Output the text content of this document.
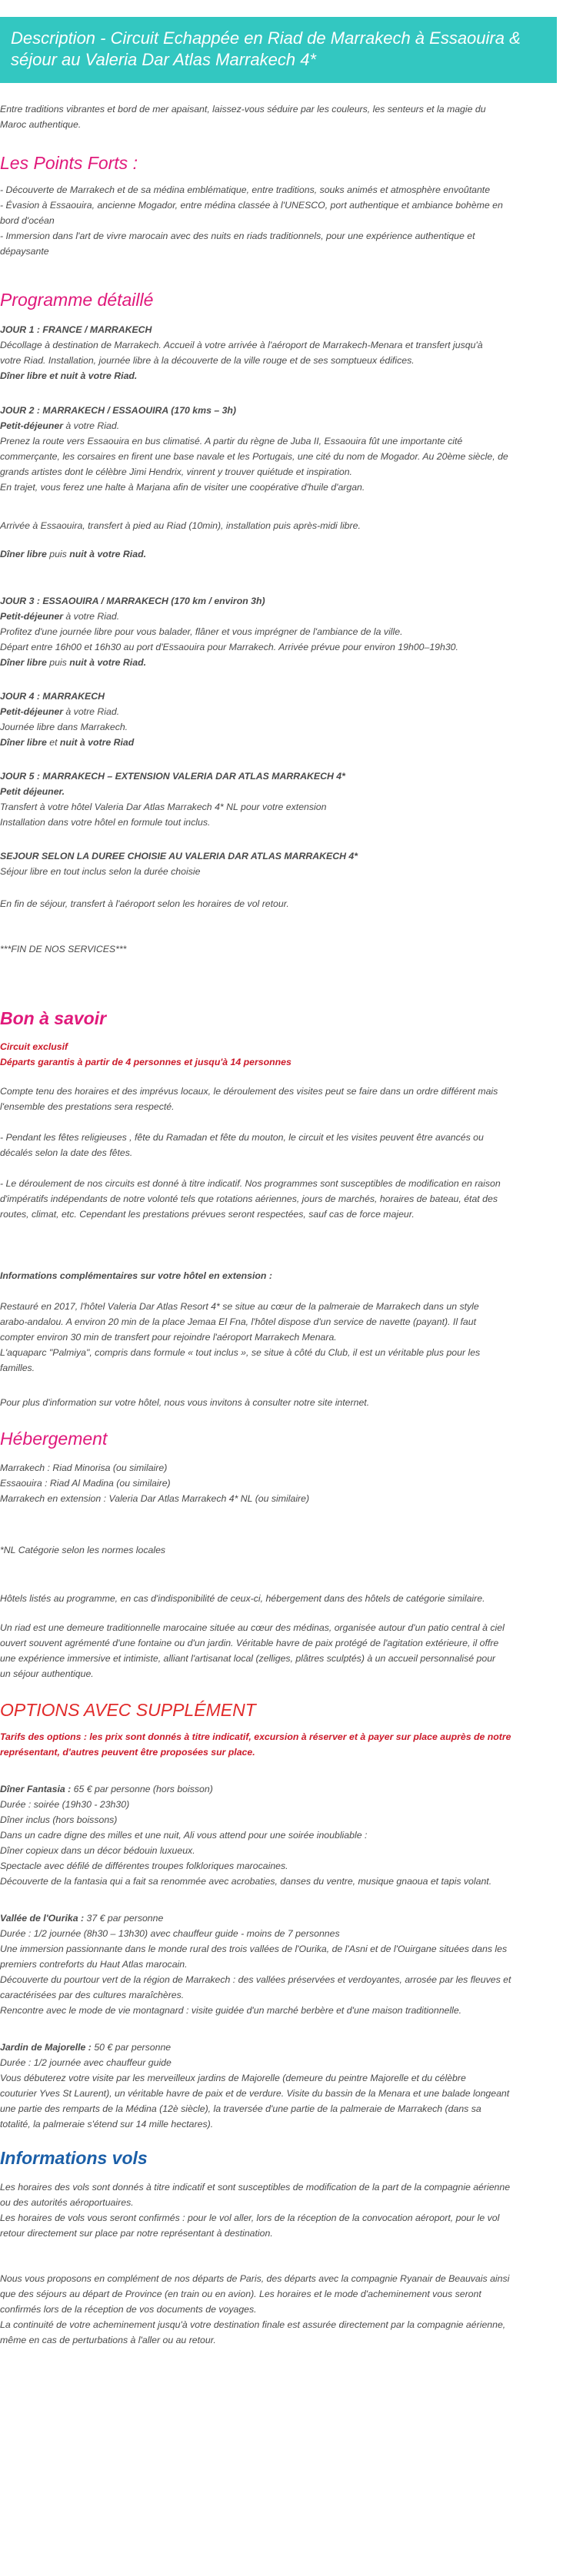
Description - Circuit Echappée en Riad de Marrakech à Essaouira &
séjour au Valeria Dar Atlas Marrakech 4*
Entre traditions vibrantes et bord de mer apaisant, laissez-vous séduire par les couleurs, les senteurs et la magie du
Maroc authentique.
Les Points Forts :
- Découverte de Marrakech et de sa médina emblématique, entre traditions, souks animés et atmosphère envoûtante
- Évasion à Essaouira, ancienne Mogador, entre médina classée à l'UNESCO, port authentique et ambiance bohème en
bord d'océan
- Immersion dans l'art de vivre marocain avec des nuits en riads traditionnels, pour une expérience authentique et
dépaysante
Programme détaillé
JOUR 1 : FRANCE / MARRAKECH
Décollage à destination de Marrakech. Accueil à votre arrivée à l'aéroport de Marrakech-Menara et transfert jusqu'à
votre Riad. Installation, journée libre à la découverte de la ville rouge et de ses somptueux édifices.
Dîner libre et nuit à votre Riad.
JOUR 2 : MARRAKECH / ESSAOUIRA (170 kms – 3h)
Petit-déjeuner à votre Riad.
Prenez la route vers Essaouira en bus climatisé. A partir du règne de Juba II, Essaouira fût une importante cité
commerçante, les corsaires en firent une base navale et les Portugais, une cité du nom de Mogador. Au 20ème siècle, de
grands artistes dont le célèbre Jimi Hendrix, vinrent y trouver quiétude et inspiration.
En trajet, vous ferez une halte à Marjana afin de visiter une coopérative d'huile d'argan.
Arrivée à Essaouira, transfert à pied au Riad (10min), installation puis après-midi libre.
Dîner libre puis nuit à votre Riad.
JOUR 3 : ESSAOUIRA / MARRAKECH (170 km / environ 3h)
Petit-déjeuner à votre Riad.
Profitez d'une journée libre pour vous balader, flâner et vous imprégner de l'ambiance de la ville.
Départ entre 16h00 et 16h30 au port d'Essaouira pour Marrakech. Arrivée prévue pour environ 19h00–19h30.
Dîner libre puis nuit à votre Riad.
JOUR 4 : MARRAKECH
Petit-déjeuner à votre Riad.
Journée libre dans Marrakech.
Dîner libre et nuit à votre Riad
JOUR 5 : MARRAKECH – EXTENSION VALERIA DAR ATLAS MARRAKECH 4*
Petit déjeuner.
Transfert à votre hôtel Valeria Dar Atlas Marrakech 4* NL pour votre extension
Installation dans votre hôtel en formule tout inclus.
SEJOUR SELON LA DUREE CHOISIE AU VALERIA DAR ATLAS MARRAKECH 4*
Séjour libre en tout inclus selon la durée choisie
En fin de séjour, transfert à l'aéroport selon les horaires de vol retour.
***FIN DE NOS SERVICES***
Bon à savoir
Circuit exclusif
Départs garantis à partir de 4 personnes et jusqu'à 14 personnes
Compte tenu des horaires et des imprévus locaux, le déroulement des visites peut se faire dans un ordre différent mais
l'ensemble des prestations sera respecté.
- Pendant les fêtes religieuses , fête du Ramadan et fête du mouton, le circuit et les visites peuvent être avancés ou
décalés selon la date des fêtes.
- Le déroulement de nos circuits est donné à titre indicatif. Nos programmes sont susceptibles de modification en raison
d'impératifs indépendants de notre volonté tels que rotations aériennes, jours de marchés, horaires de bateau, état des
routes, climat, etc. Cependant les prestations prévues seront respectées, sauf cas de force majeur.
Informations complémentaires sur votre hôtel en extension :
Restauré en 2017, l'hôtel Valeria Dar Atlas Resort 4* se situe au cœur de la palmeraie de Marrakech dans un style
arabo-andalou. A environ 20 min de la place Jemaa El Fna, l'hôtel dispose d'un service de navette (payant). Il faut
compter environ 30 min de transfert pour rejoindre l'aéroport Marrakech Menara.
L'aquaparc "Palmiya", compris dans formule « tout inclus », se situe à côté du Club, il est un véritable plus pour les
familles.
Pour plus d'information sur votre hôtel, nous vous invitons à consulter notre site internet.
Hébergement
Marrakech : Riad Minorisa (ou similaire)
Essaouira : Riad Al Madina (ou similaire)
Marrakech en extension : Valeria Dar Atlas Marrakech 4* NL (ou similaire)
*NL Catégorie selon les normes locales
Hôtels listés au programme, en cas d'indisponibilité de ceux-ci, hébergement dans des hôtels de catégorie similaire.
Un riad est une demeure traditionnelle marocaine située au cœur des médinas, organisée autour d'un patio central à ciel
ouvert souvent agrémenté d'une fontaine ou d'un jardin. Véritable havre de paix protégé de l'agitation extérieure, il offre
une expérience immersive et intimiste, alliant l'artisanat local (zelliges, plâtres sculptés) à un accueil personnalisé pour
un séjour authentique.
OPTIONS AVEC SUPPLÉMENT
Tarifs des options : les prix sont donnés à titre indicatif, excursion à réserver et à payer sur place auprès de notre
représentant, d'autres peuvent être proposées sur place.
Dîner Fantasia : 65 € par personne (hors boisson)
Durée : soirée (19h30 - 23h30)
Dîner inclus (hors boissons)
Dans un cadre digne des milles et une nuit, Ali vous attend pour une soirée inoubliable :
Dîner copieux dans un décor bédouin luxueux.
Spectacle avec défilé de différentes troupes folkloriques marocaines.
Découverte de la fantasia qui a fait sa renommée avec acrobaties, danses du ventre, musique gnaoua et tapis volant.
Vallée de l'Ourika : 37 € par personne
Durée : 1/2 journée (8h30 – 13h30) avec chauffeur guide - moins de 7 personnes
Une immersion passionnante dans le monde rural des trois vallées de l'Ourika, de l'Asni et de l'Ouirgane situées dans les
premiers contreforts du Haut Atlas marocain.
Découverte du pourtour vert de la région de Marrakech : des vallées préservées et verdoyantes, arrosée par les fleuves et
caractérisées par des cultures maraîchères.
Rencontre avec le mode de vie montagnard : visite guidée d'un marché berbère et d'une maison traditionnelle.
Jardin de Majorelle : 50 € par personne
Durée : 1/2 journée avec chauffeur guide
Vous débuterez votre visite par les merveilleux jardins de Majorelle (demeure du peintre Majorelle et du célèbre
couturier Yves St Laurent), un véritable havre de paix et de verdure. Visite du bassin de la Menara et une balade longeant
une partie des remparts de la Médina (12è siècle), la traversée d'une partie de la palmeraie de Marrakech (dans sa
totalité, la palmeraie s'étend sur 14 mille hectares).
Informations vols
Les horaires des vols sont donnés à titre indicatif et sont susceptibles de modification de la part de la compagnie aérienne
ou des autorités aéroportuaires.
Les horaires de vols vous seront confirmés : pour le vol aller, lors de la réception de la convocation aéroport, pour le vol
retour directement sur place par notre représentant à destination.
Nous vous proposons en complément de nos départs de Paris, des départs avec la compagnie Ryanair de Beauvais ainsi
que des séjours au départ de Province (en train ou en avion). Les horaires et le mode d'acheminement vous seront
confirmés lors de la réception de vos documents de voyages.
La continuité de votre acheminement jusqu'à votre destination finale est assurée directement par la compagnie aérienne,
même en cas de perturbations à l'aller ou au retour.
